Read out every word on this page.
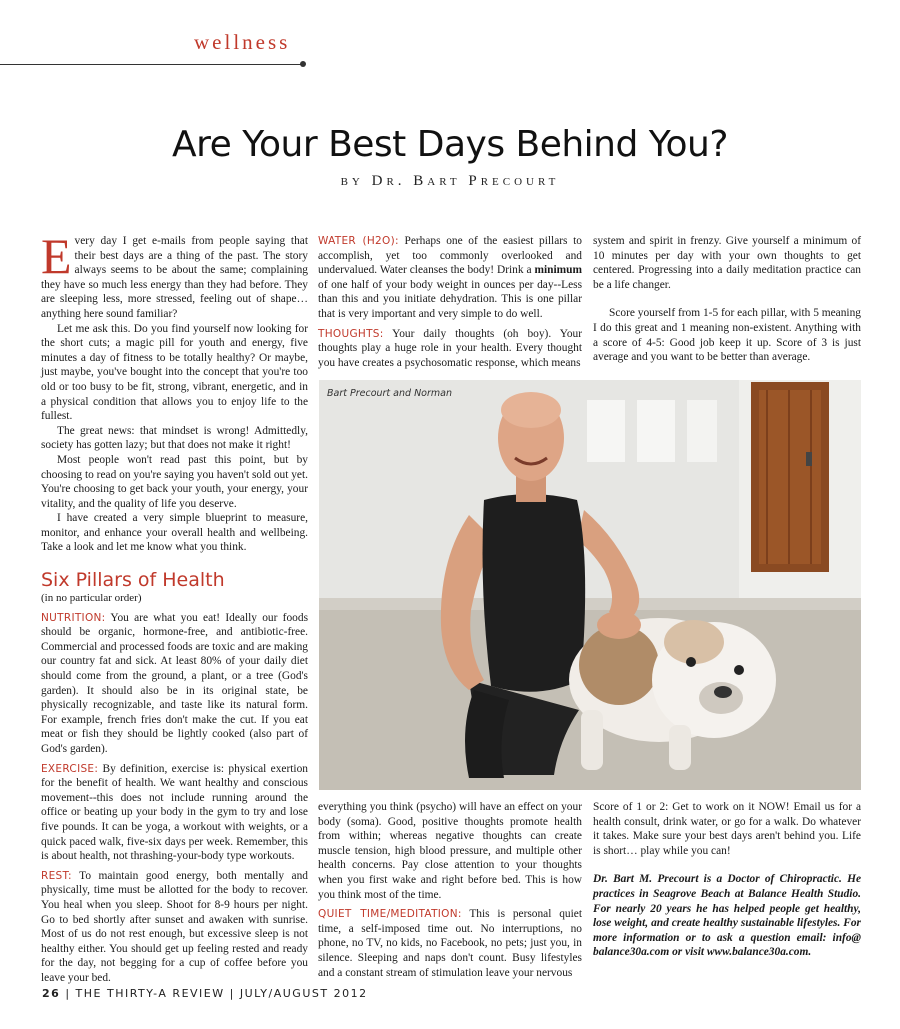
wellness
Are Your Best Days Behind You?
by Dr. Bart Precourt

Every day I get e-mails from people saying that their best days are a thing of the past. The story always seems to be about the same; complaining they have so much less energy than they had before. They are sleeping less, more stressed, feeling out of shape… anything here sound familiar?

Let me ask this. Do you find yourself now looking for the short cuts; a magic pill for youth and energy, five minutes a day of fitness to be totally healthy? Or maybe, just maybe, you've bought into the concept that you're too old or too busy to be fit, strong, vibrant, energetic, and in a physical condition that allows you to enjoy life to the fullest.

The great news: that mindset is wrong! Admittedly, society has gotten lazy; but that does not make it right!

Most people won't read past this point, but by choosing to read on you're saying you haven't sold out yet. You're choosing to get back your youth, your energy, your vitality, and the quality of life you deserve.

I have created a very simple blueprint to measure, monitor, and enhance your overall health and wellbeing. Take a look and let me know what you think.

Six Pillars of Health
(in no particular order)

NUTRITION: You are what you eat! Ideally our foods should be organic, hormone-free, and antibiotic-free. Commercial and processed foods are toxic and are making our country fat and sick. At least 80% of your daily diet should come from the ground, a plant, or a tree (God's garden). It should also be in its original state, be physically recognizable, and taste like its natural form. For example, french fries don't make the cut. If you eat meat or fish they should be lightly cooked (also part of God's garden).

EXERCISE: By definition, exercise is: physical exertion for the benefit of health. We want healthy and conscious movement--this does not include running around the office or beating up your body in the gym to try and lose five pounds. It can be yoga, a workout with weights, or a quick paced walk, five-six days per week. Remember, this is about health, not thrashing-your-body type workouts.

REST: To maintain good energy, both mentally and physically, time must be allotted for the body to recover. You heal when you sleep. Shoot for 8-9 hours per night. Go to bed shortly after sunset and awaken with sunrise. Most of us do not rest enough, but excessive sleep is not healthy either. You should get up feeling rested and ready for the day, not begging for a cup of coffee before you leave your bed.

WATER (H2O): Perhaps one of the easiest pillars to accomplish, yet too commonly overlooked and undervalued. Water cleanses the body! Drink a minimum of one half of your body weight in ounces per day--Less than this and you initiate dehydration. This is one pillar that is very important and very simple to do well.

THOUGHTS: Your daily thoughts (oh boy). Your thoughts play a huge role in your health. Every thought you have creates a psychosomatic response, which means

system and spirit in frenzy. Give yourself a minimum of 10 minutes per day with your own thoughts to get centered. Progressing into a daily meditation practice can be a life changer.

Score yourself from 1-5 for each pillar, with 5 meaning I do this great and 1 meaning non-existent. Anything with a score of 4-5: Good job keep it up. Score of 3 is just average and you want to be better than average.

Bart Precourt and Norman

everything you think (psycho) will have an effect on your body (soma). Good, positive thoughts promote health from within; whereas negative thoughts can create muscle tension, high blood pressure, and multiple other health concerns. Pay close attention to your thoughts when you first wake and right before bed. This is how you think most of the time.

QUIET TIME/MEDITATION: This is personal quiet time, a self-imposed time out. No interruptions, no phone, no TV, no kids, no Facebook, no pets; just you, in silence. Sleeping and naps don't count. Busy lifestyles and a constant stream of stimulation leave your nervous

Score of 1 or 2: Get to work on it NOW! Email us for a health consult, drink water, or go for a walk. Do whatever it takes. Make sure your best days aren't behind you. Life is short… play while you can!

Dr. Bart M. Precourt is a Doctor of Chiropractic. He practices in Seagrove Beach at Balance Health Studio. For nearly 20 years he has helped people get healthy, lose weight, and create healthy sustainable lifestyles. For more information or to ask a question email: info@ balance30a.com or visit www.balance30a.com.

26 | THE THIRTY-A REVIEW | JULY/AUGUST 2012
